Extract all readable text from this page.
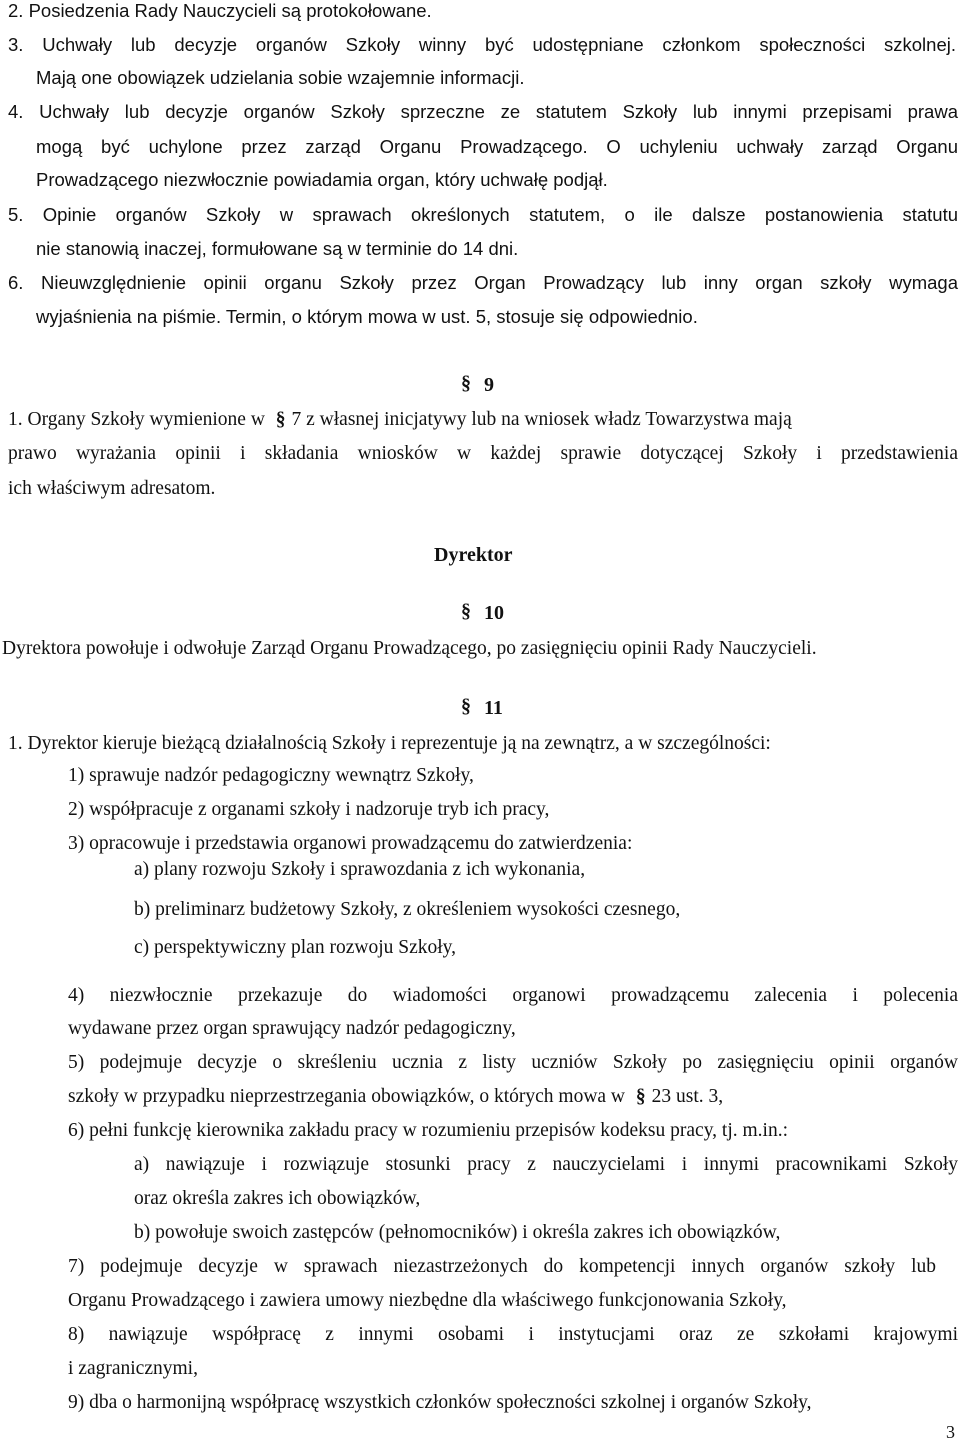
2. Posiedzenia Rady Nauczycieli są protokołowane.
3. Uchwały lub decyzje organów Szkoły winny być udostępniane członkom społeczności szkolnej.
Mają one obowiązek udzielania sobie wzajemnie informacji.
4. Uchwały lub decyzje organów Szkoły sprzeczne ze statutem Szkoły lub innymi przepisami prawa
mogą być uchylone przez zarząd Organu Prowadzącego. O uchyleniu uchwały zarząd Organu
Prowadzącego niezwłocznie powiadamia organ, który uchwałę podjął.
5. Opinie organów Szkoły w sprawach określonych statutem, o ile dalsze postanowienia statutu
nie stanowią inaczej, formułowane są w terminie do 14 dni.
6. Nieuwzględnienie opinii organu Szkoły przez Organ Prowadzący lub inny organ szkoły wymaga
wyjaśnienia na piśmie. Termin, o którym mowa w ust. 5, stosuje się odpowiednio.
§ 9
1. Organy Szkoły wymienione w § 7 z własnej inicjatywy lub na wniosek władz Towarzystwa mają
prawo wyrażania opinii i składania wniosków w każdej sprawie dotyczącej Szkoły i przedstawienia
ich właściwym adresatom.
Dyrektor
§ 10
Dyrektora powołuje i odwołuje Zarząd Organu Prowadzącego, po zasięgnięciu opinii Rady Nauczycieli.
§ 11
1. Dyrektor kieruje bieżącą działalnością Szkoły i reprezentuje ją na zewnątrz, a w szczególności:
1) sprawuje nadzór pedagogiczny wewnątrz Szkoły,
2) współpracuje z organami szkoły i nadzoruje tryb ich pracy,
3) opracowuje i przedstawia organowi prowadzącemu do zatwierdzenia:
a) plany rozwoju Szkoły i sprawozdania z ich wykonania,
b) preliminarz budżetowy Szkoły, z określeniem wysokości czesnego,
c) perspektywiczny plan rozwoju Szkoły,
4) niezwłocznie przekazuje do wiadomości organowi prowadzącemu zalecenia i polecenia
wydawane przez organ sprawujący nadzór pedagogiczny,
5) podejmuje decyzje o skreśleniu ucznia z listy uczniów Szkoły po zasięgnięciu opinii organów
szkoły w przypadku nieprzestrzegania obowiązków, o których mowa w § 23 ust. 3,
6) pełni funkcję kierownika zakładu pracy w rozumieniu przepisów kodeksu pracy, tj. m.in.:
a) nawiązuje i rozwiązuje stosunki pracy z nauczycielami i innymi pracownikami Szkoły
oraz określa zakres ich obowiązków,
b) powołuje swoich zastępców (pełnomocników) i określa zakres ich obowiązków,
7) podejmuje decyzje w sprawach niezastrzeżonych do kompetencji innych organów szkoły lub
Organu Prowadzącego i zawiera umowy niezbędne dla właściwego funkcjonowania Szkoły,
8) nawiązuje współpracę z innymi osobami i instytucjami oraz ze szkołami krajowymi
i zagranicznymi,
9) dba o harmonijną współpracę wszystkich członków społeczności szkolnej i organów Szkoły,
3
